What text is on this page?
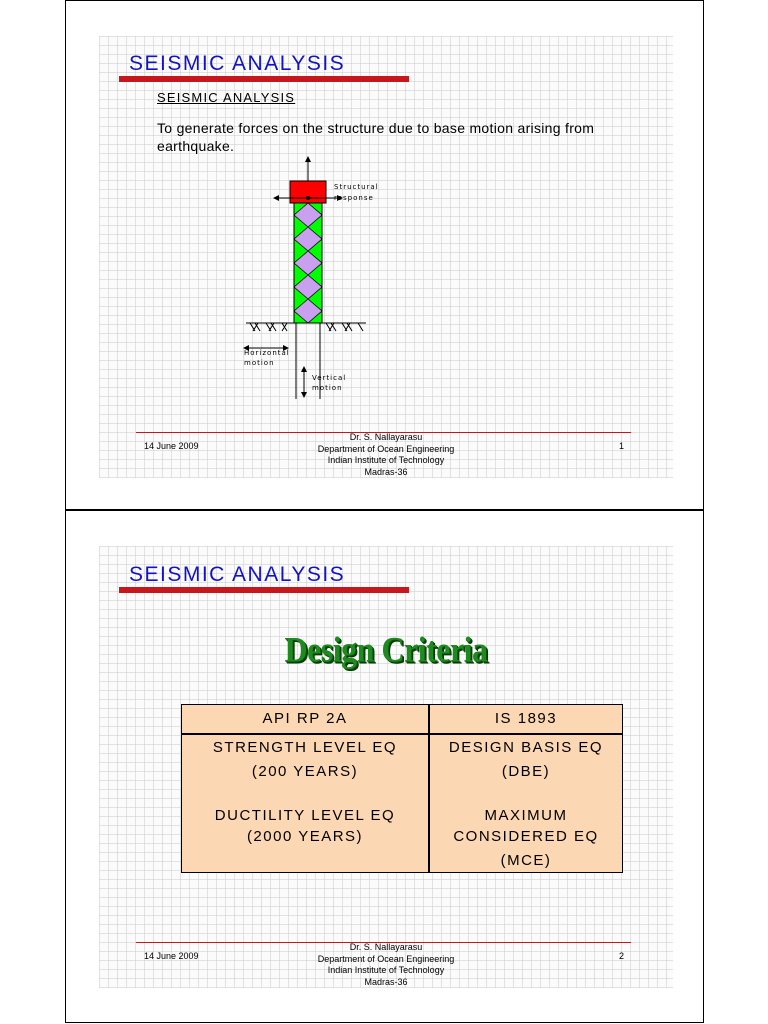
SEISMIC ANALYSIS
SEISMIC ANALYSIS
To generate forces on the structure due to base motion arising from earthquake.
Structural
response
Horizontal
motion
Vertical
motion
14 June 2009
Dr. S. Nallayarasu
Department of Ocean Engineering
Indian Institute of Technology
Madras-36
1
SEISMIC ANALYSIS
Design Criteria
API RP 2A	IS 1893
STRENGTH LEVEL EQ
(200 YEARS)
DUCTILITY LEVEL EQ
(2000 YEARS)
DESIGN BASIS EQ
(DBE)
MAXIMUM
CONSIDERED EQ
(MCE)
14 June 2009
Dr. S. Nallayarasu
Department of Ocean Engineering
Indian Institute of Technology
Madras-36
2
